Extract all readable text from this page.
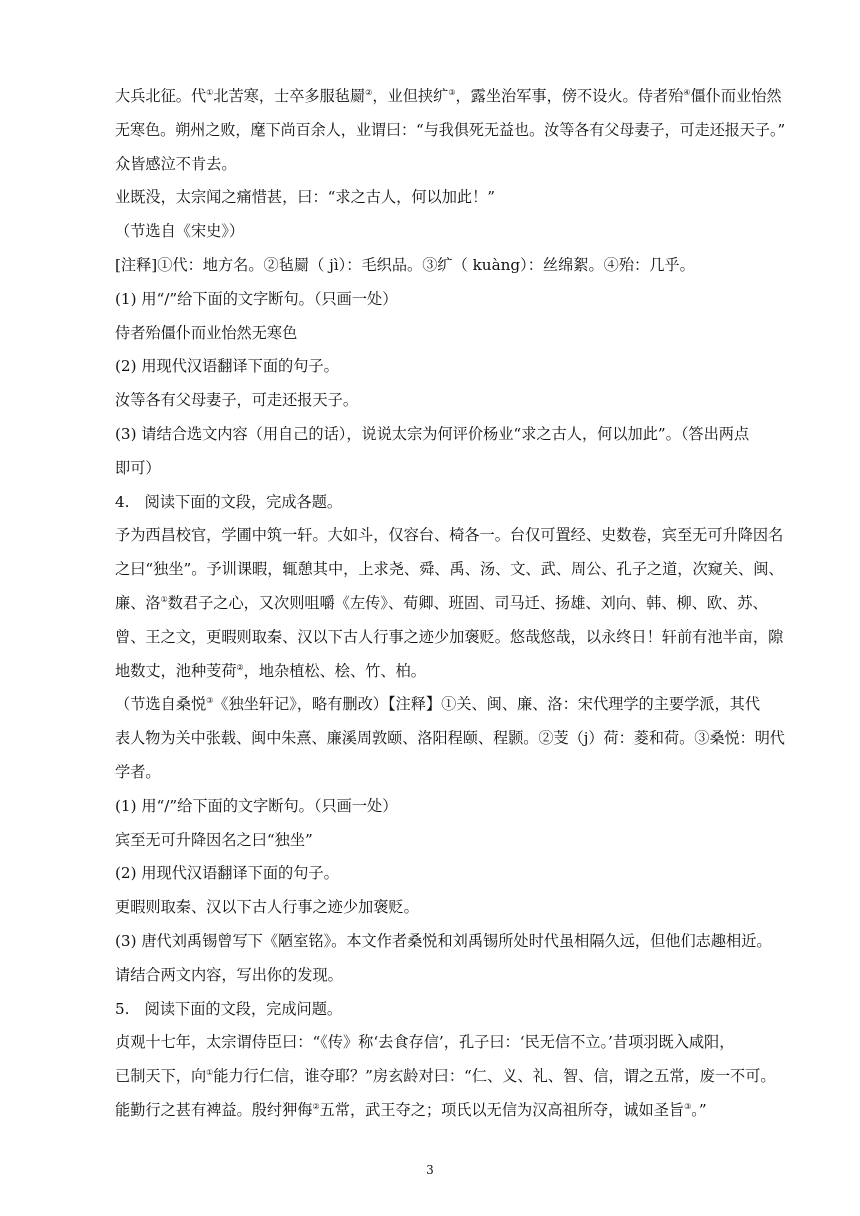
大兵北征。代①北苦寒，士卒多服毡罽②，业但挟纩③，露坐治军事，傍不设火。侍者殆④僵仆而业怡然
无寒色。朔州之败，麾下尚百余人，业谓曰：“与我俱死无益也。汝等各有父母妻子，可走还报天子。”
众皆感泣不肯去。
业既没，太宗闻之痛惜甚，曰：“求之古人，何以加此！”
（节选自《宋史》）
[注释]①代：地方名。②毡罽（ jì）：毛织品。③纩（ kuàng）：丝绵絮。④殆：几乎。
(1) 用“/”给下面的文字断句。（只画一处）
侍者殆僵仆而业怡然无寒色
(2) 用现代汉语翻译下面的句子。
汝等各有父母妻子，可走还报天子。
(3) 请结合选文内容（用自己的话），说说太宗为何评价杨业“求之古人，何以加此”。（答出两点
即可）
4.　阅读下面的文段，完成各题。
予为西昌校官，学圃中筑一轩。大如斗，仅容台、椅各一。台仅可置经、史数卷，宾至无可升降因名
之曰“独坐”。予训课暇，辄憩其中，上求尧、舜、禹、汤、文、武、周公、孔子之道，次窥关、闽、
廉、洛①数君子之心，又次则咀嚼《左传》、荀卿、班固、司马迁、扬雄、刘向、韩、柳、欧、苏、
曾、王之文，更暇则取秦、汉以下古人行事之迹少加褒贬。悠哉悠哉，以永终日！轩前有池半亩，隙
地数丈，池种芰荷②，地杂植松、桧、竹、柏。
（节选自桑悦③《独坐轩记》，略有删改）【注释】①关、闽、廉、洛：宋代理学的主要学派，其代
表人物为关中张载、闽中朱熹、廉溪周敦颐、洛阳程颐、程颢。②芰（j）荷：菱和荷。③桑悦：明代
学者。
(1) 用“/”给下面的文字断句。（只画一处）
宾至无可升降因名之曰“独坐”
(2) 用现代汉语翻译下面的句子。
更暇则取秦、汉以下古人行事之迹少加褒贬。
(3) 唐代刘禹锡曾写下《陋室铭》。本文作者桑悦和刘禹锡所处时代虽相隔久远，但他们志趣相近。
请结合两文内容，写出你的发现。
5.　阅读下面的文段，完成问题。
贞观十七年，太宗谓侍臣曰：“《传》称‘去食存信’，孔子曰：‘民无信不立。’昔项羽既入咸阳，
已制天下，向①能力行仁信，谁夺耶？”房玄龄对曰：“仁、义、礼、智、信，谓之五常，废一不可。
能勤行之甚有裨益。殷纣狎侮②五常，武王夺之；项氏以无信为汉高祖所夺，诚如圣旨③。”
3
